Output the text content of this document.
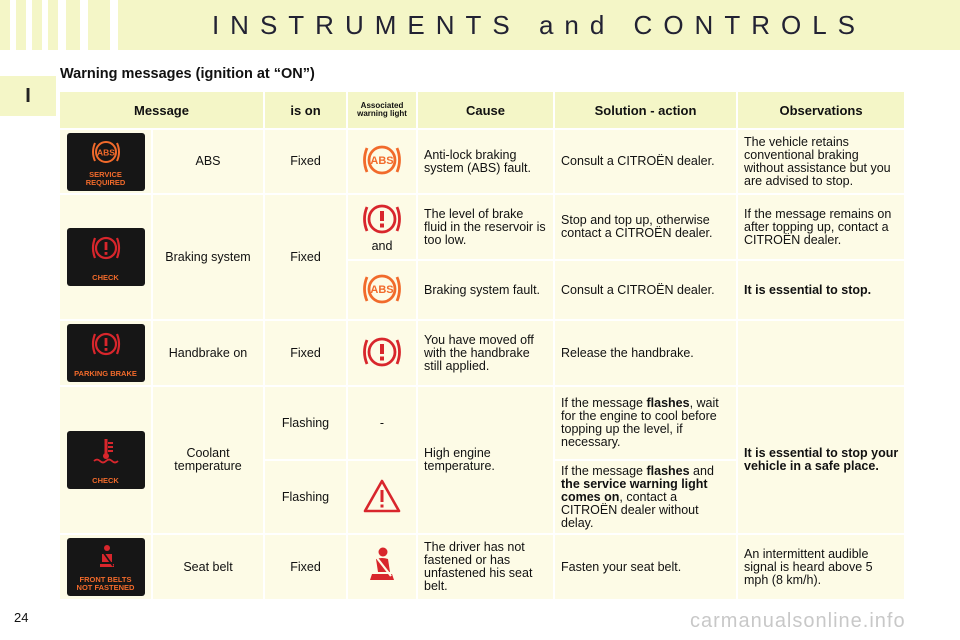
INSTRUMENTS and CONTROLS
I
Warning messages (ignition at “ON”)
Message		is on	Associated warning light	Cause	Solution - action	Observations

ABS
SERVICE
REQUIRED	ABS	Fixed	ABS	Anti-lock braking system (ABS) fault.	Consult a CITROËN dealer.	The vehicle retains conventional braking without assistance but you are advised to stop.

CHECK	Braking system	Fixed	and	The level of brake fluid in the reservoir is too low.	Stop and top up, otherwise contact a CITROËN dealer.	If the message remains on after topping up, contact a CITROËN dealer.

ABS	Braking system fault.	Consult a CITROËN dealer.	It is essential to stop.

PARKING BRAKE	Handbrake on	Fixed		You have moved off with the handbrake still applied.	Release the handbrake.	

CHECK	Coolant temperature	Flashing	-	High engine temperature.	If the message flashes, wait for the engine to cool before topping up the level, if necessary.	It is essential to stop your vehicle in a safe place.
		Flashing			If the message flashes and the service warning light comes on, contact a CITROËN dealer without delay.	

FRONT BELTS
NOT FASTENED	Seat belt	Fixed		The driver has not fastened or has unfastened his seat belt.	Fasten your seat belt.	An intermittent audible signal is heard above 5 mph (8 km/h).
24	carmanualsonline.info
